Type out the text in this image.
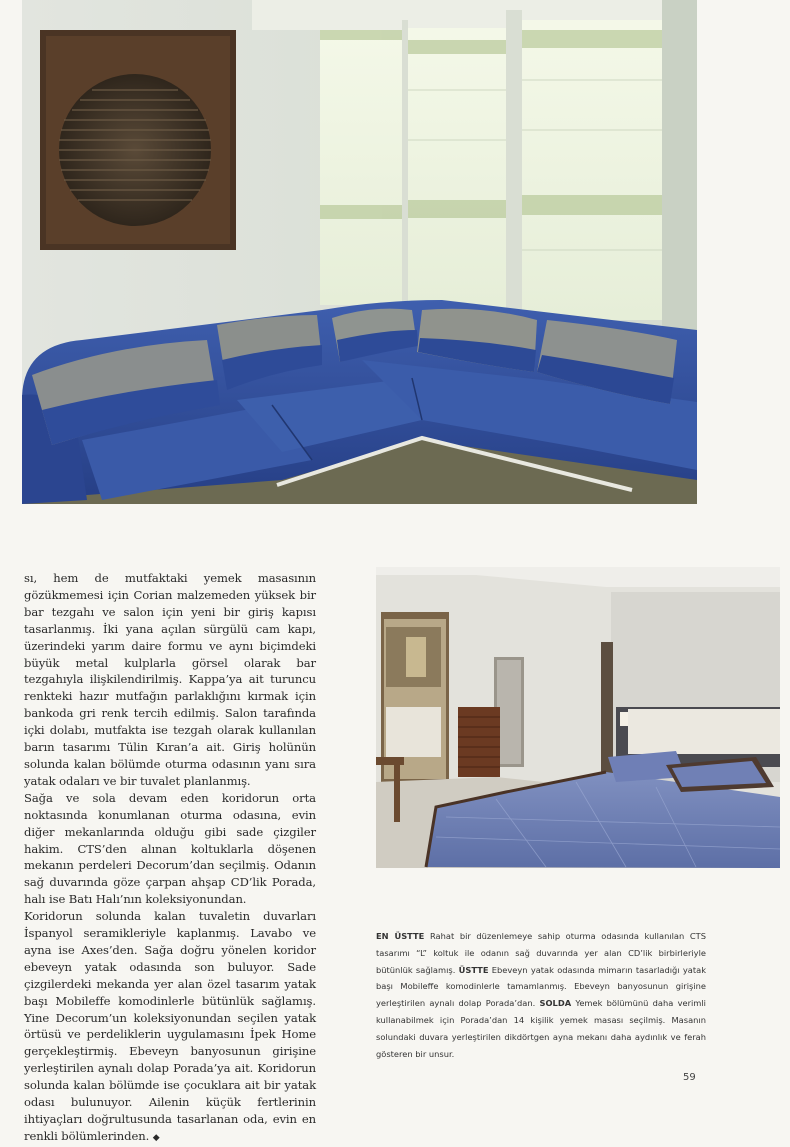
sı, hem de mutfaktaki yemek masasının gözükmemesi için Corian malzemeden yüksek bir bar tezgahı ve salon için yeni bir giriş kapısı tasarlanmış. İki yana açılan sürgülü cam kapı, üzerindeki yarım daire formu ve aynı biçimdeki büyük metal kulplarla görsel olarak bar tezgahıyla ilişkilendirilmiş. Kappa’ya ait turuncu renkteki hazır mutfağın parlaklığını kırmak için bankoda gri renk tercih edilmiş. Salon tarafında içki dolabı, mutfakta ise tezgah olarak kullanılan barın tasarımı Tülin Kıran’a ait. Giriş holünün solunda kalan bölümde oturma odasının yanı sıra yatak odaları ve bir tuvalet planlanmış.

Sağa ve sola devam eden koridorun orta noktasında konumlanan oturma odasına, evin diğer mekanlarında olduğu gibi sade çizgiler hakim. CTS’den alınan koltuklarla döşenen mekanın perdeleri Decorum’dan seçilmiş. Odanın sağ duvarında göze çarpan ahşap CD’lik Porada, halı ise Batı Halı’nın koleksiyonundan.

Koridorun solunda kalan tuvaletin duvarları İspanyol seramikleriyle kaplanmış. Lavabo ve ayna ise Axes’den. Sağa doğru yönelen koridor ebeveyn yatak odasında son buluyor. Sade çizgilerdeki mekanda yer alan özel tasarım yatak başı Mobileffe komodinlerle bütünlük sağlamış. Yine Decorum’un koleksiyonundan seçilen yatak örtüsü ve perdeliklerin uygulamasını İpek Home gerçekleştirmiş. Ebeveyn banyosunun girişine yerleştirilen aynalı dolap Porada’ya ait. Koridorun solunda kalan bölümde ise çocuklara ait bir yatak odası bulunuyor. Ailenin küçük fertlerinin ihtiyaçları doğrultusunda tasarlanan oda, evin en renkli bölümlerinden. ◆

EN ÜSTTE Rahat bir düzenlemeye sahip oturma odasında kullanılan CTS tasarımı “L” koltuk ile odanın sağ duvarında yer alan CD’lik birbirleriyle bütünlük sağlamış. ÜSTTE Ebeveyn yatak odasında mimarın tasarladığı yatak başı Mobileffe komodinlerle tamamlanmış. Ebeveyn banyosunun girişine yerleştirilen aynalı dolap Porada’dan. SOLDA Yemek bölümünü daha verimli kullanabilmek için Porada’dan 14 kişilik yemek masası seçilmiş. Masanın solundaki duvara yerleştirilen dikdörtgen ayna mekanı daha aydınlık ve ferah gösteren bir unsur.
59
